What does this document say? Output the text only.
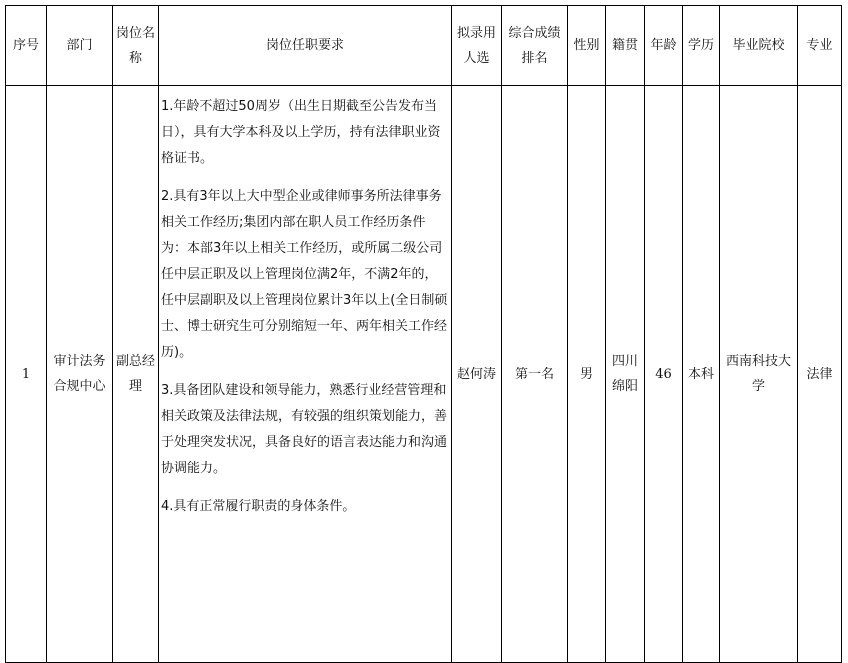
序号	部门	岗位名称	岗位任职要求	拟录用人选	综合成绩排名	性别	籍贯	年龄	学历	毕业院校	专业

1	审计法务合规中心	副总经理	1.年龄不超过50周岁（出生日期截至公告发布当日），具有大学本科及以上学历，持有法律职业资格证书。

2.具有3年以上大中型企业或律师事务所法律事务相关工作经历;集团内部在职人员工作经历条件为：本部3年以上相关工作经历，或所属二级公司任中层正职及以上管理岗位满2年，不满2年的，任中层副职及以上管理岗位累计3年以上(全日制硕士、博士研究生可分别缩短一年、两年相关工作经历)。

3.具备团队建设和领导能力，熟悉行业经营管理和相关政策及法律法规，有较强的组织策划能力，善于处理突发状况，具备良好的语言表达能力和沟通协调能力。

4.具有正常履行职责的身体条件。	赵何涛	第一名	男	四川绵阳	46	本科	西南科技大学	法律
